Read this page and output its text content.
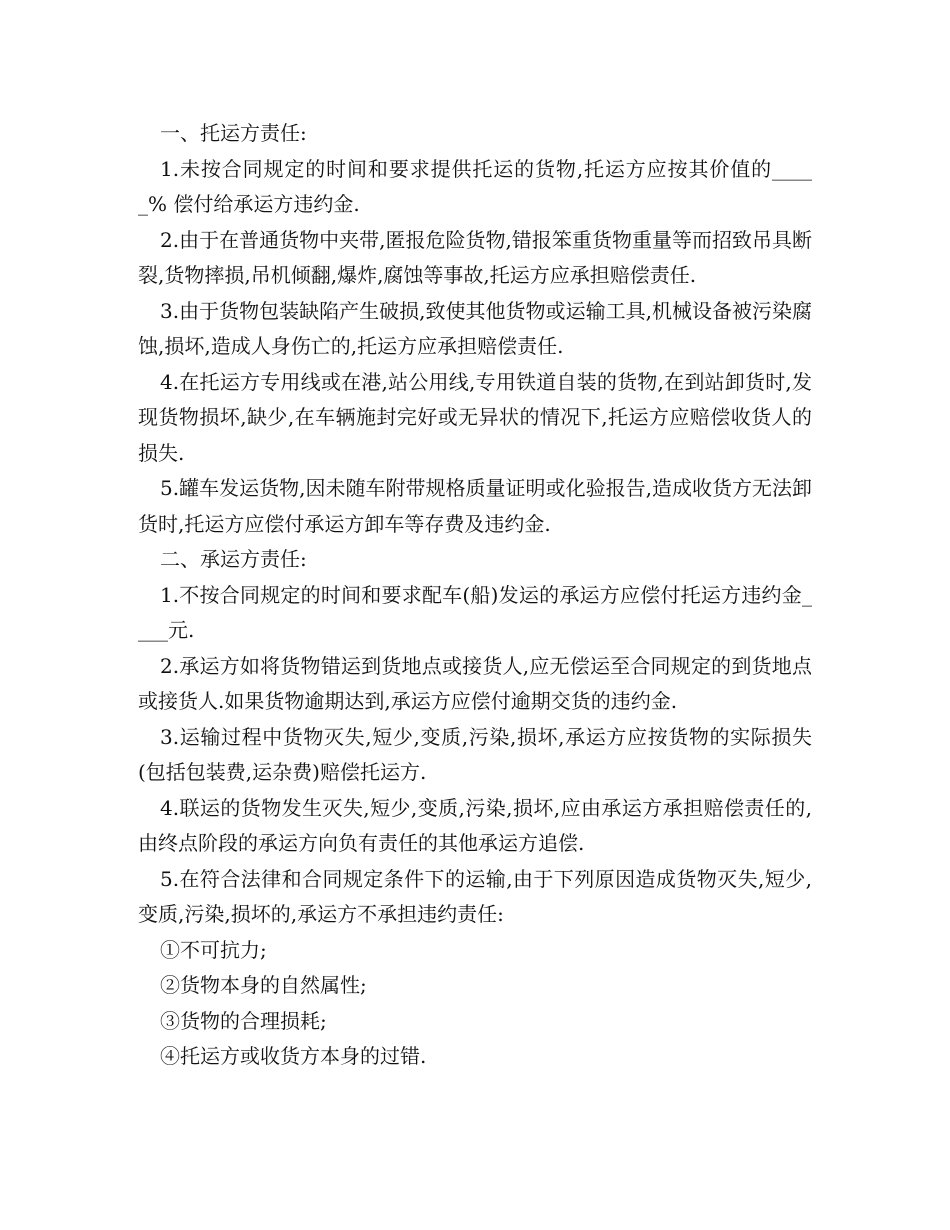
一、托运方责任:

1.未按合同规定的时间和要求提供托运的货物,托运方应按其价值的_____% 偿付给承运方违约金.

2.由于在普通货物中夹带,匿报危险货物,错报笨重货物重量等而招致吊具断裂,货物摔损,吊机倾翻,爆炸,腐蚀等事故,托运方应承担赔偿责任.

3.由于货物包装缺陷产生破损,致使其他货物或运输工具,机械设备被污染腐蚀,损坏,造成人身伤亡的,托运方应承担赔偿责任.

4.在托运方专用线或在港,站公用线,专用铁道自装的货物,在到站卸货时,发现货物损坏,缺少,在车辆施封完好或无异状的情况下,托运方应赔偿收货人的损失.

5.罐车发运货物,因未随车附带规格质量证明或化验报告,造成收货方无法卸货时,托运方应偿付承运方卸车等存费及违约金.

二、承运方责任:

1.不按合同规定的时间和要求配车(船)发运的承运方应偿付托运方违约金____元.

2.承运方如将货物错运到货地点或接货人,应无偿运至合同规定的到货地点或接货人.如果货物逾期达到,承运方应偿付逾期交货的违约金.

3.运输过程中货物灭失,短少,变质,污染,损坏,承运方应按货物的实际损失(包括包装费,运杂费)赔偿托运方.

4.联运的货物发生灭失,短少,变质,污染,损坏,应由承运方承担赔偿责任的,由终点阶段的承运方向负有责任的其他承运方追偿.

5.在符合法律和合同规定条件下的运输,由于下列原因造成货物灭失,短少,变质,污染,损坏的,承运方不承担违约责任:

①不可抗力;

②货物本身的自然属性;

③货物的合理损耗;

④托运方或收货方本身的过错.
